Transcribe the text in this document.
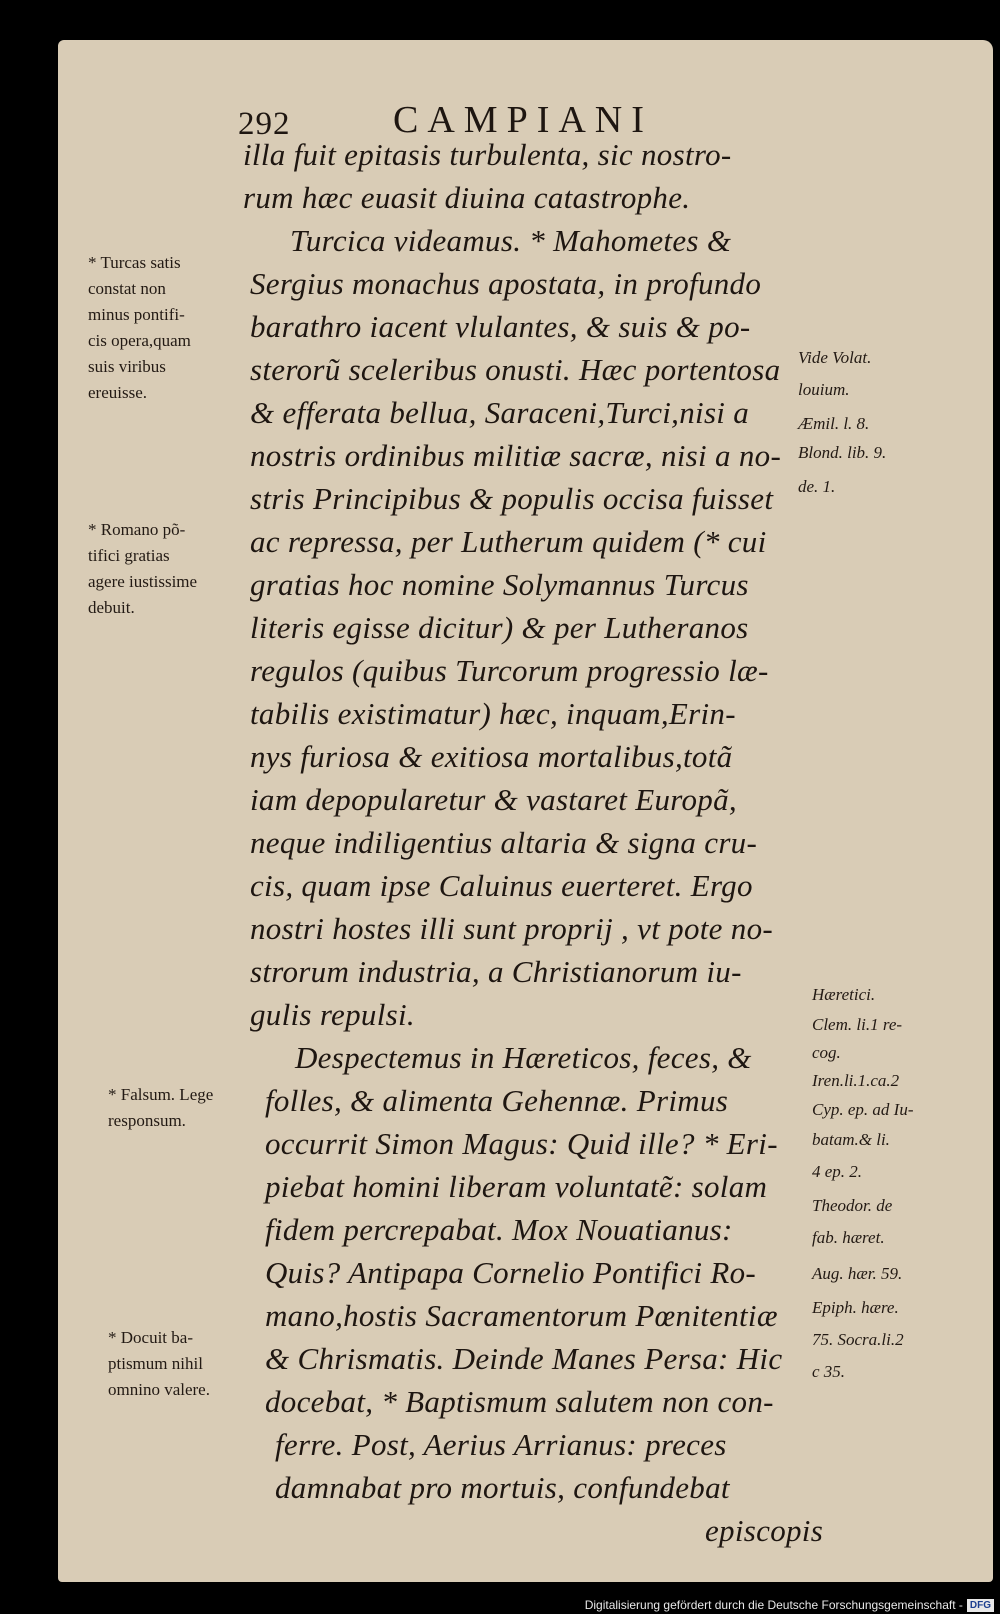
292	CAMPIANI
illa fuit epitasis turbulenta, sic nostro-
rum hæc euasit diuina catastrophe.
Turcica videamus. * Mahometes &
Sergius monachus apostata, in profundo
barathro iacent vlulantes, & suis & po-
sterorũ sceleribus onusti. Hæc portentosa
& efferata bellua, Saraceni,Turci,nisi a
nostris ordinibus militiæ sacræ, nisi a no-
stris Principibus & populis occisa fuisset
ac repressa, per Lutherum quidem (* cui
gratias hoc nomine Solymannus Turcus
literis egisse dicitur) & per Lutheranos
regulos (quibus Turcorum progressio læ-
tabilis existimatur) hæc, inquam,Erin-
nys furiosa & exitiosa mortalibus,totã
iam depopularetur & vastaret Europã,
neque indiligentius altaria & signa cru-
cis, quam ipse Caluinus euerteret. Ergo
nostri hostes illi sunt proprij , vt pote no-
strorum industria, a Christianorum iu-
gulis repulsi.
Despectemus in Hæreticos, feces, &
folles, & alimenta Gehennæ. Primus
occurrit Simon Magus: Quid ille? * Eri-
piebat homini liberam voluntatẽ: solam
fidem percrepabat. Mox Nouatianus:
Quis? Antipapa Cornelio Pontifici Ro-
mano,hostis Sacramentorum Pœnitentiæ
& Chrismatis. Deinde Manes Persa: Hic
docebat, * Baptismum salutem non con-
ferre. Post, Aerius Arrianus: preces
damnabat pro mortuis, confundebat
episcopis
* Turcas satis
constat non
minus pontifi-
cis opera,quam
suis viribus
ereuisse.
* Romano põ-
tifici gratias
agere iustissime
debuit.
* Falsum. Lege
responsum.
* Docuit ba-
ptismum nihil
omnino valere.
Vide Volat.
louium.
Æmil. l. 8.
Blond. lib. 9.
de. 1.
Hæretici.
Clem. li.1 re-
cog.
Iren.li.1.ca.2
Cyp. ep. ad Iu-
batam.& li.
4 ep. 2.
Theodor. de
fab. hæret.
Aug. hær. 59.
Epiph. hære.
75. Socra.li.2
c 35.
Digitalisierung gefördert durch die Deutsche Forschungsgemeinschaft - DFG
